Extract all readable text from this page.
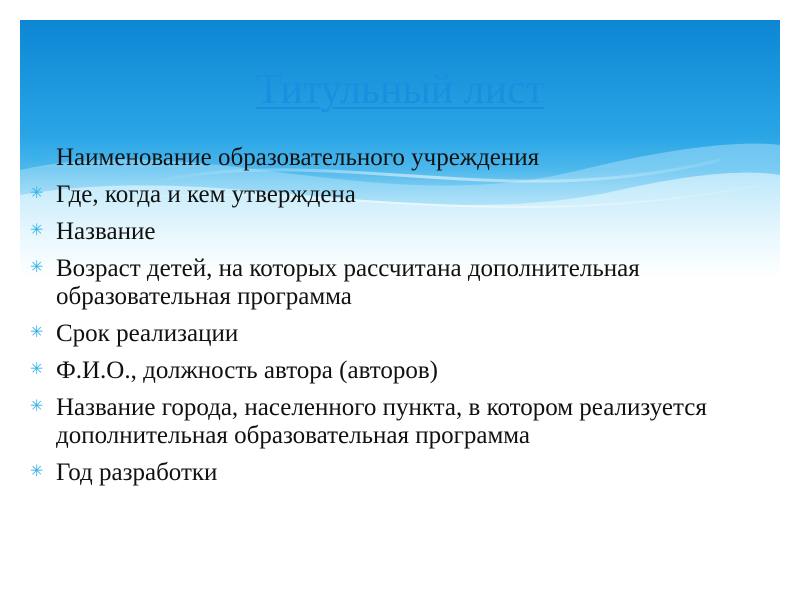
Титульный лист
✳ Наименование образовательного учреждения
✳ Где, когда и кем утверждена
✳ Название
✳ Возраст детей, на которых рассчитана дополнительная образовательная программа
✳ Срок реализации
✳ Ф.И.О., должность автора (авторов)
✳ Название города, населенного пункта, в котором реализуется дополнительная образовательная программа
✳ Год разработки
